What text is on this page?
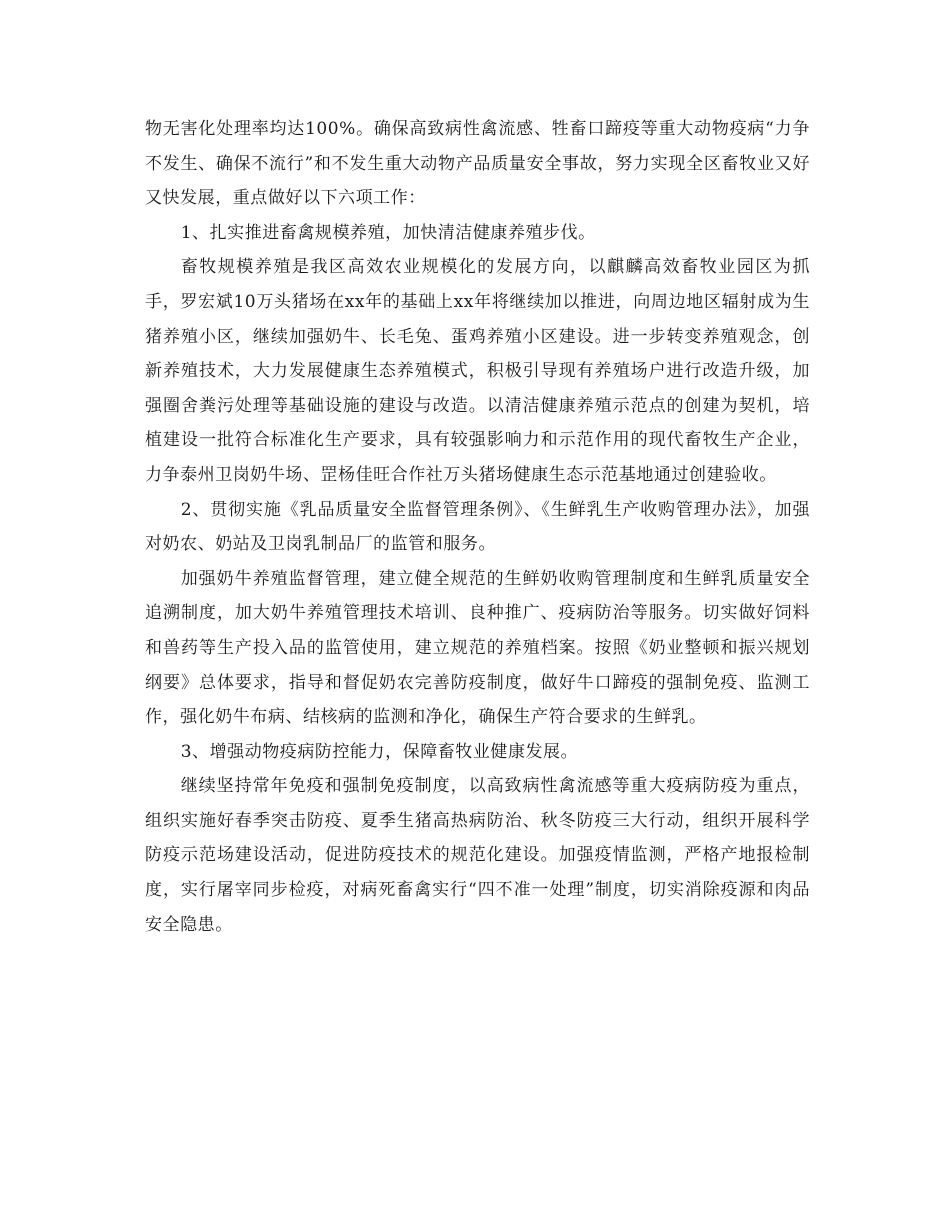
物无害化处理率均达100%。确保高致病性禽流感、牲畜口蹄疫等重大动物疫病“力争不发生、确保不流行”和不发生重大动物产品质量安全事故，努力实现全区畜牧业又好又快发展，重点做好以下六项工作：

1、扎实推进畜禽规模养殖，加快清洁健康养殖步伐。

畜牧规模养殖是我区高效农业规模化的发展方向，以麒麟高效畜牧业园区为抓手，罗宏斌10万头猪场在xx年的基础上xx年将继续加以推进，向周边地区辐射成为生猪养殖小区，继续加强奶牛、长毛兔、蛋鸡养殖小区建设。进一步转变养殖观念，创新养殖技术，大力发展健康生态养殖模式，积极引导现有养殖场户进行改造升级，加强圈舍粪污处理等基础设施的建设与改造。以清洁健康养殖示范点的创建为契机，培植建设一批符合标准化生产要求，具有较强影响力和示范作用的现代畜牧生产企业，力争泰州卫岗奶牛场、罡杨佳旺合作社万头猪场健康生态示范基地通过创建验收。

2、贯彻实施《乳品质量安全监督管理条例》、《生鲜乳生产收购管理办法》，加强对奶农、奶站及卫岗乳制品厂的监管和服务。

加强奶牛养殖监督管理，建立健全规范的生鲜奶收购管理制度和生鲜乳质量安全追溯制度，加大奶牛养殖管理技术培训、良种推广、疫病防治等服务。切实做好饲料和兽药等生产投入品的监管使用，建立规范的养殖档案。按照《奶业整顿和振兴规划纲要》总体要求，指导和督促奶农完善防疫制度，做好牛口蹄疫的强制免疫、监测工作，强化奶牛布病、结核病的监测和净化，确保生产符合要求的生鲜乳。

3、增强动物疫病防控能力，保障畜牧业健康发展。

继续坚持常年免疫和强制免疫制度，以高致病性禽流感等重大疫病防疫为重点，组织实施好春季突击防疫、夏季生猪高热病防治、秋冬防疫三大行动，组织开展科学防疫示范场建设活动，促进防疫技术的规范化建设。加强疫情监测，严格产地报检制度，实行屠宰同步检疫，对病死畜禽实行“四不准一处理”制度，切实消除疫源和肉品安全隐患。
